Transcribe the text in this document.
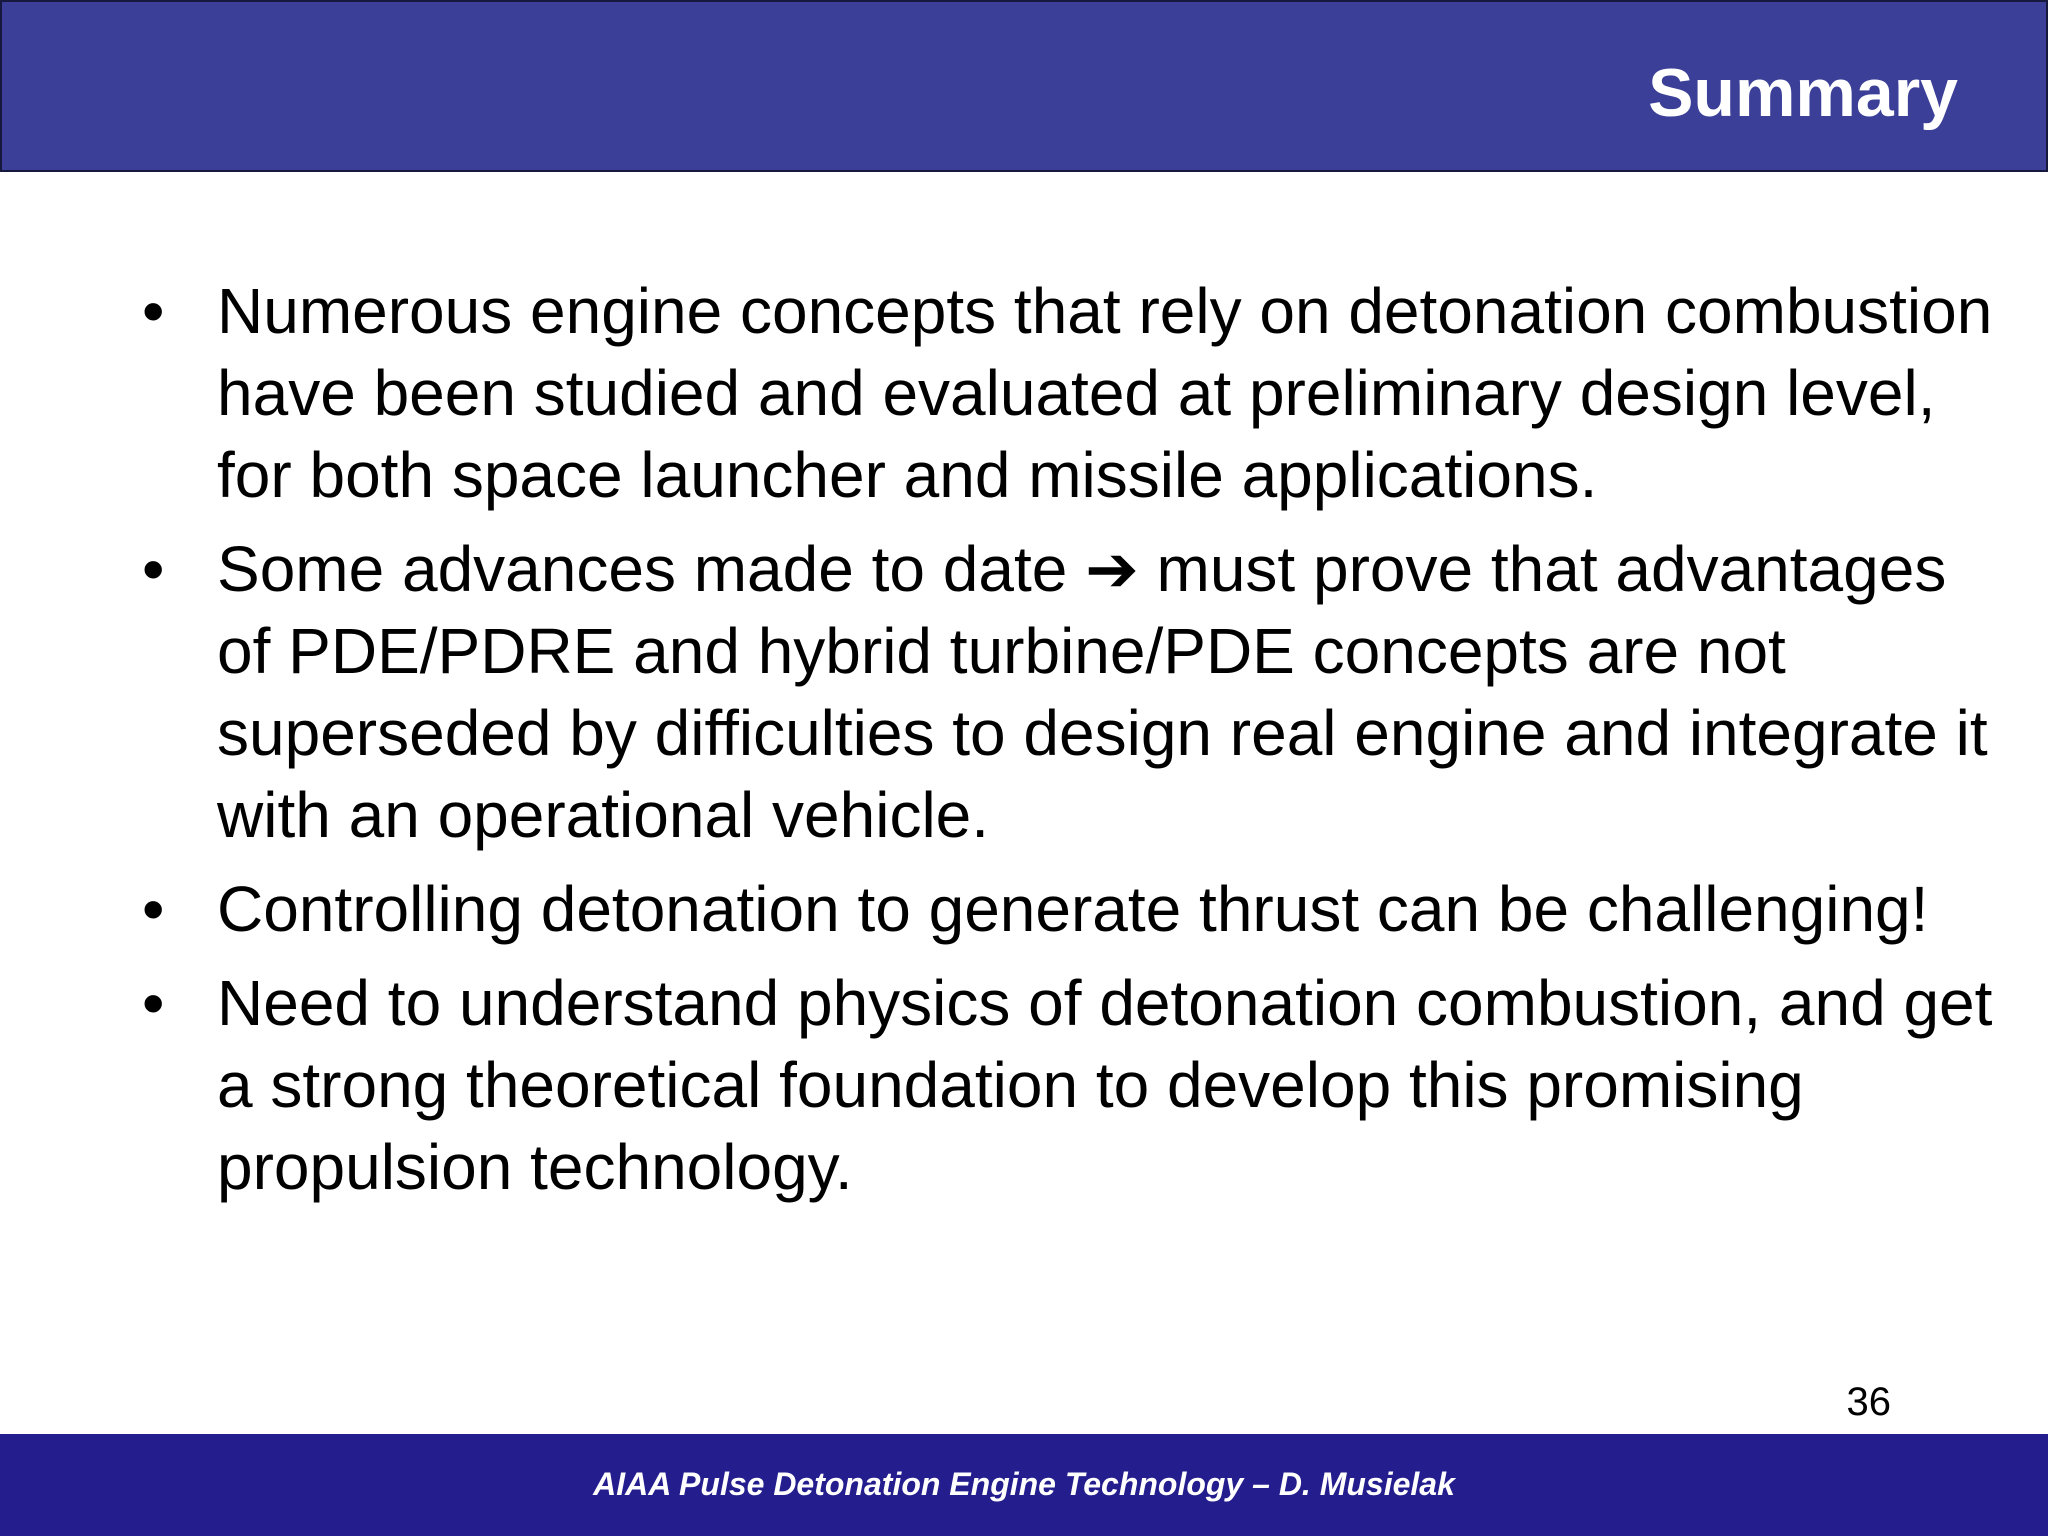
Summary
• Numerous engine concepts that rely on detonation combustion have been studied and evaluated at preliminary design level, for both space launcher and missile applications.
• Some advances made to date ➔ must prove that advantages of PDE/PDRE and hybrid turbine/PDE concepts are not superseded by difficulties to design real engine and integrate it with an operational vehicle.
• Controlling detonation to generate thrust can be challenging!
• Need to understand physics of detonation combustion, and get a strong theoretical foundation to develop this promising propulsion technology.
36
AIAA Pulse Detonation Engine Technology – D. Musielak
